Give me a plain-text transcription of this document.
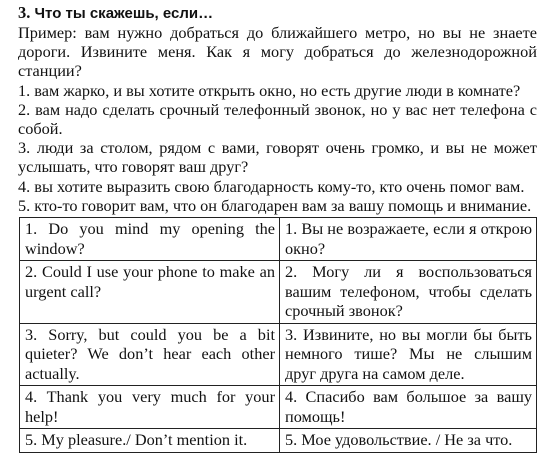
3. Что ты скажешь, если…

Пример: вам нужно добраться до ближайшего метро, но вы не знаете дороги. Извините меня. Как я могу добраться до железнодорожной станции?

1. вам жарко, и вы хотите открыть окно, но есть другие люди в комнате?

2. вам надо сделать срочный телефонный звонок, но у вас нет телефона с собой.

3. люди за столом, рядом с вами, говорят очень громко, и вы не может услышать, что говорят ваш друг?

4. вы хотите выразить свою благодарность кому-то, кто очень помог вам.

5. кто-то говорит вам, что он благодарен вам за вашу помощь и внимание.

1. Do you mind my opening the window?	1. Вы не возражаете, если я открою окно?
2. Could I use your phone to make an urgent call?	2. Могу ли я воспользоваться вашим телефоном, чтобы сделать срочный звонок?
3. Sorry, but could you be a bit quieter? We don’t hear each other actually.	3. Извините, но вы могли бы быть немного тише? Мы не слышим друг друга на самом деле.
4. Thank you very much for your help!	4. Спасибо вам большое за вашу помощь!
5. My pleasure./ Don’t mention it.	5. Мое удовольствие. / Не за что.
